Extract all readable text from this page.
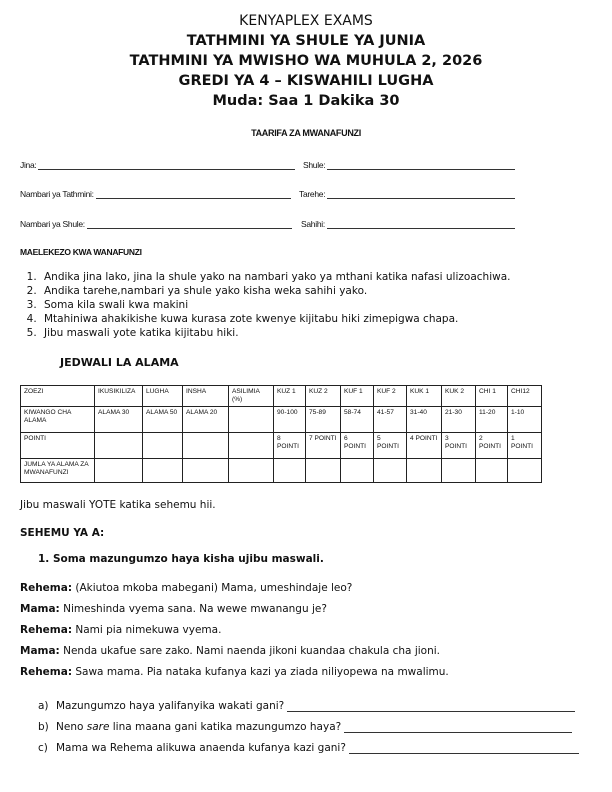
KENYAPLEX EXAMS
TATHMINI YA SHULE YA JUNIA
TATHMINI YA MWISHO WA MUHULA 2, 2026
GREDI YA 4 – KISWAHILI LUGHA
Muda: Saa 1 Dakika 30
TAARIFA ZA MWANAFUNZI
Jina:	Shule:
Nambari ya Tathmini:	Tarehe:
Nambari ya Shule:	Sahihi:
MAELEKEZO KWA WANAFUNZI
1. Andika jina lako, jina la shule yako na nambari yako ya mthani katika nafasi ulizoachiwa.
2. Andika tarehe,nambari ya shule yako kisha weka sahihi yako.
3. Soma kila swali kwa makini
4. Mtahiniwa ahakikishe kuwa kurasa zote kwenye kijitabu hiki zimepigwa chapa.
5. Jibu maswali yote katika kijitabu hiki.
JEDWALI LA ALAMA
ZOEZI	IKUSIKILIZA	LUGHA	INSHA	ASILIMIA (%)	KUZ 1	KUZ 2	KUF 1	KUF 2	KUK 1	KUK 2	CHI 1	CHI12
KIWANGO CHA ALAMA	ALAMA 30	ALAMA 50	ALAMA 20		90-100	75-89	58-74	41-57	31-40	21-30	11-20	1-10
POINTI					8 POINTI	7 POINTI	6 POINTI	5 POINTI	4 POINTI	3 POINTI	2 POINTI	1 POINTI
JUMLA YA ALAMA ZA MWANAFUNZI												
Jibu maswali YOTE katika sehemu hii.
SEHEMU YA A:
1. Soma mazungumzo haya kisha ujibu maswali.
Rehema: (Akiutoa mkoba mabegani) Mama, umeshindaje leo?
Mama: Nimeshinda vyema sana. Na wewe mwanangu je?
Rehema: Nami pia nimekuwa vyema.
Mama: Nenda ukafue sare zako. Nami naenda jikoni kuandaa chakula cha jioni.
Rehema: Sawa mama. Pia nataka kufanya kazi ya ziada niliyopewa na mwalimu.
a) Mazungumzo haya yalifanyika wakati gani?
b) Neno sare lina maana gani katika mazungumzo haya?
c) Mama wa Rehema alikuwa anaenda kufanya kazi gani?
